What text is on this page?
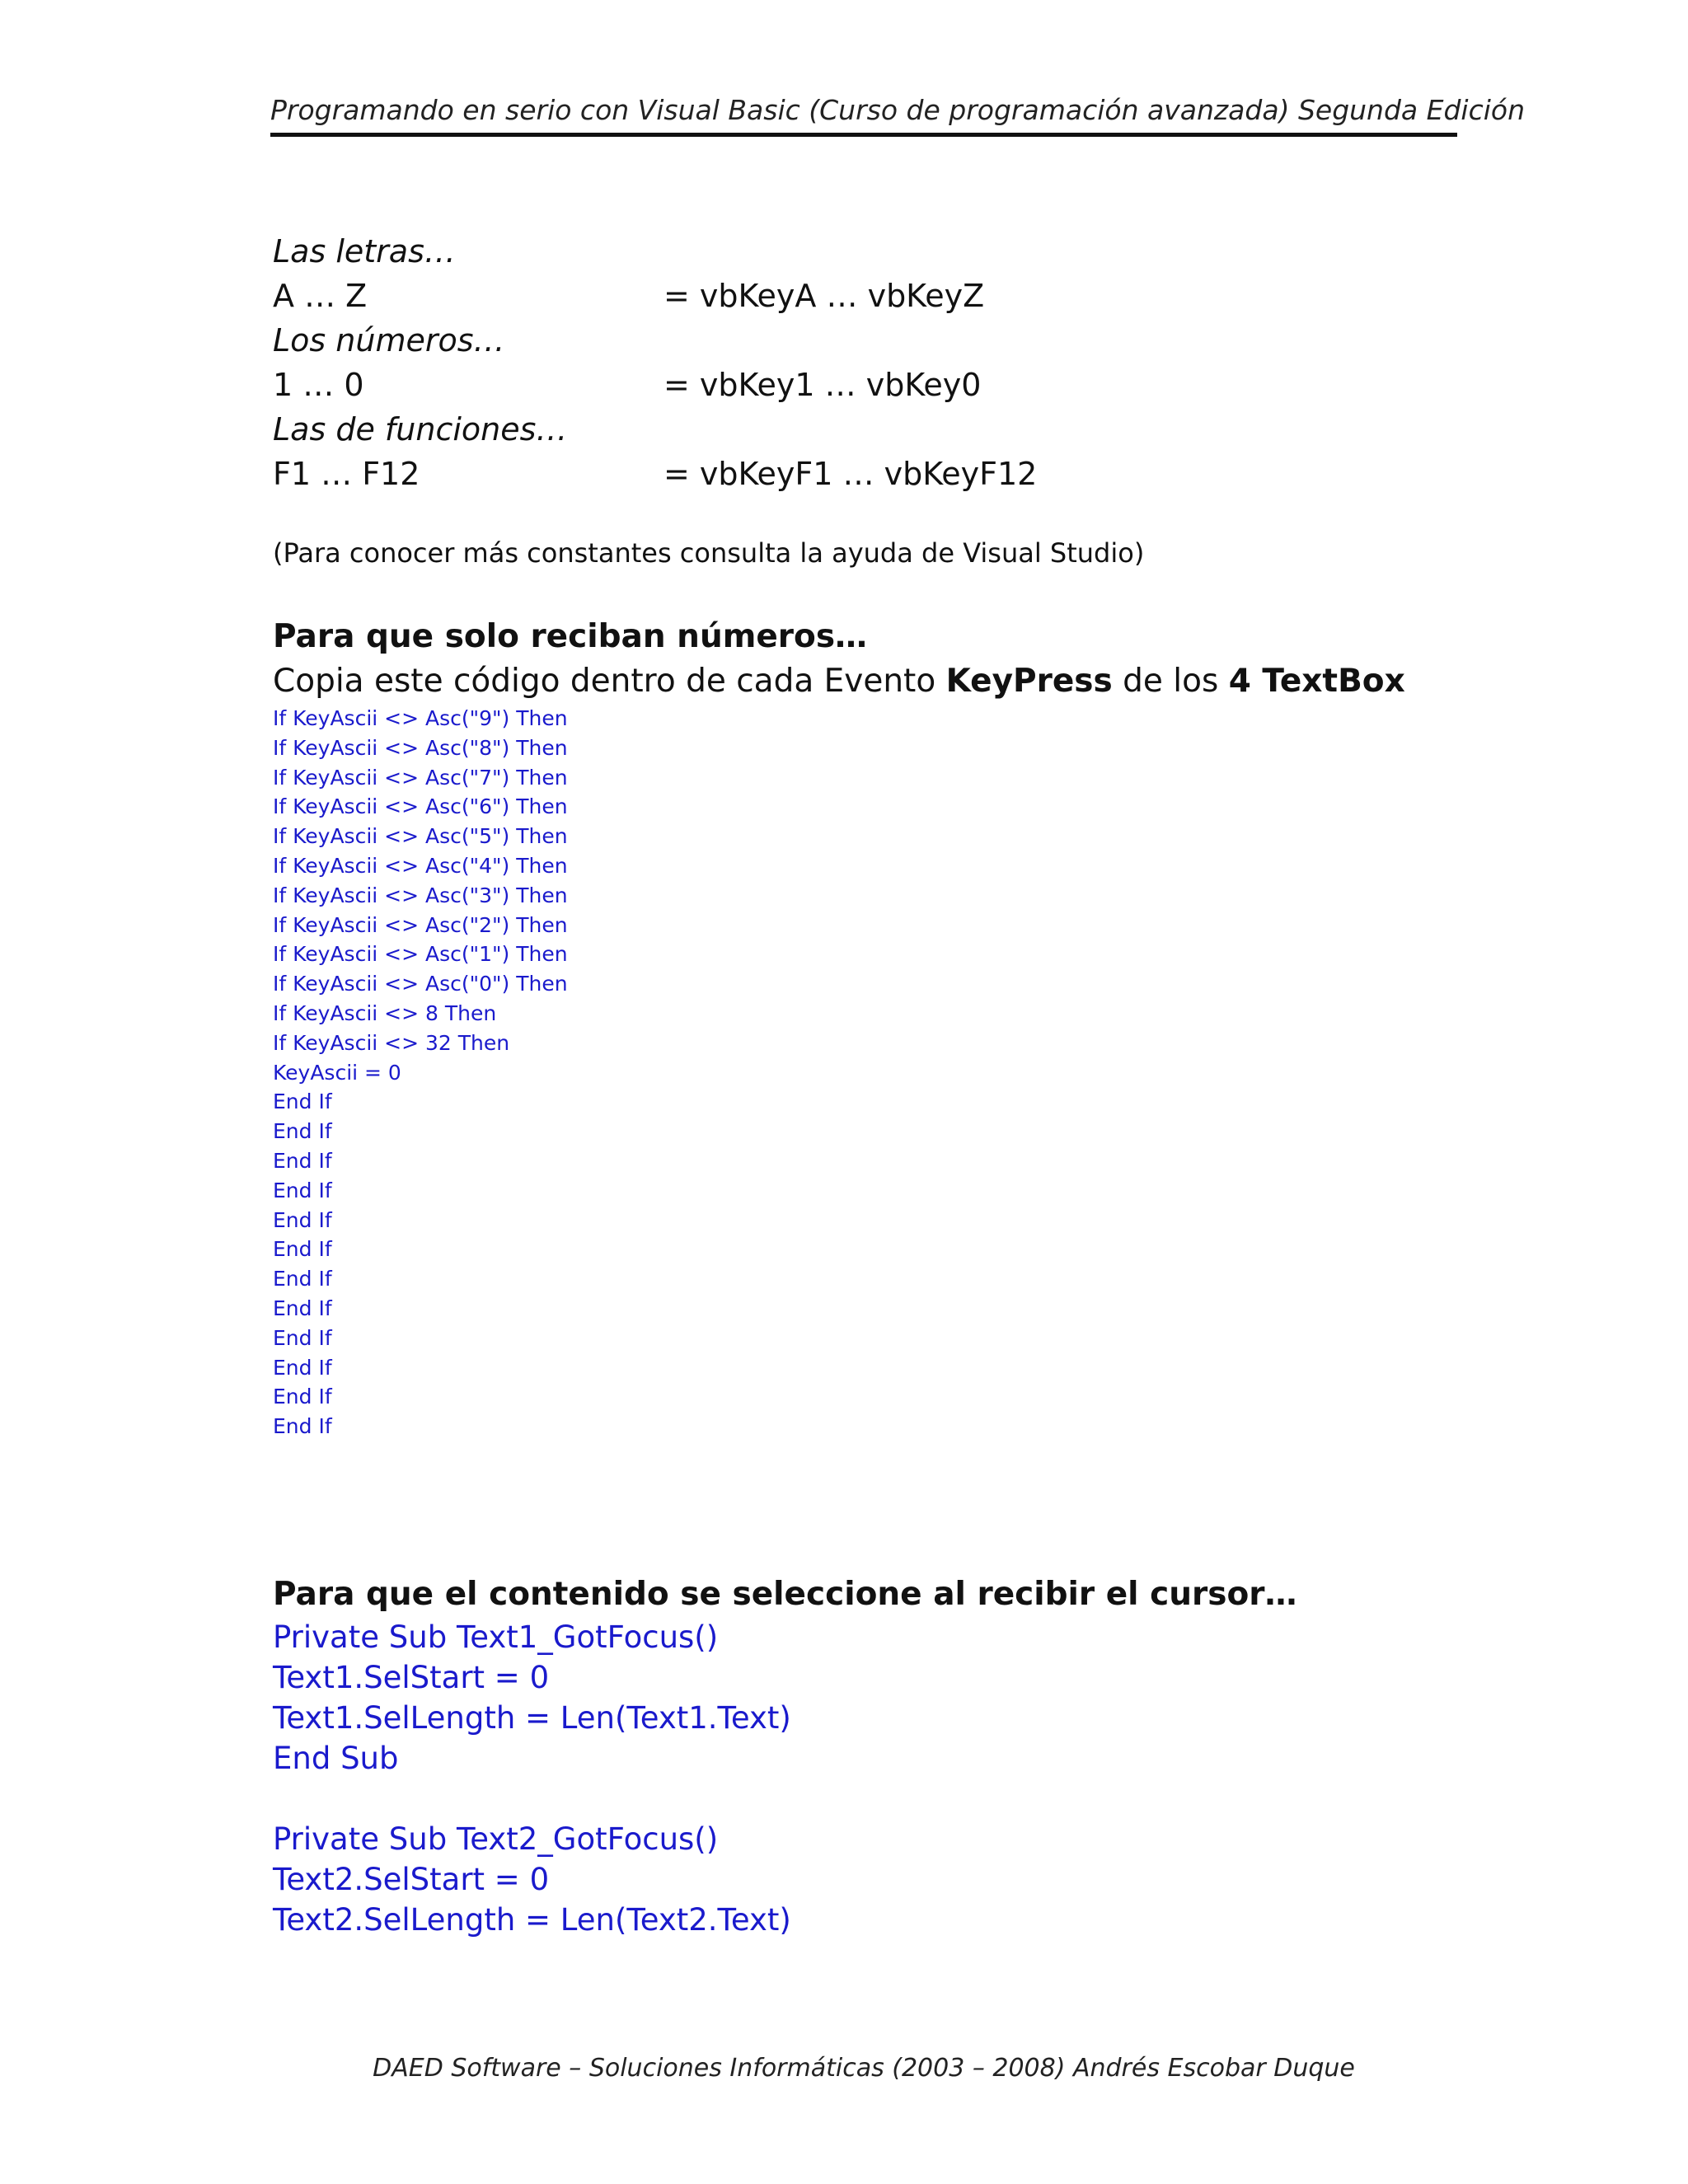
Programando en serio con Visual Basic (Curso de programación avanzada) Segunda Edición
Las letras…
A … Z	= vbKeyA … vbKeyZ
Los números…
1 … 0	= vbKey1 … vbKey0
Las de funciones…
F1 … F12	= vbKeyF1 … vbKeyF12
(Para conocer más constantes consulta la ayuda de Visual Studio)
Para que solo reciban números…
Copia este código dentro de cada Evento KeyPress de los 4 TextBox
If KeyAscii <> Asc("9") Then
If KeyAscii <> Asc("8") Then
If KeyAscii <> Asc("7") Then
If KeyAscii <> Asc("6") Then
If KeyAscii <> Asc("5") Then
If KeyAscii <> Asc("4") Then
If KeyAscii <> Asc("3") Then
If KeyAscii <> Asc("2") Then
If KeyAscii <> Asc("1") Then
If KeyAscii <> Asc("0") Then
If KeyAscii <> 8 Then
If KeyAscii <> 32 Then
KeyAscii = 0
End If
End If
End If
End If
End If
End If
End If
End If
End If
End If
End If
End If
Para que el contenido se seleccione al recibir el cursor…
Private Sub Text1_GotFocus()
Text1.SelStart = 0
Text1.SelLength = Len(Text1.Text)
End Sub
Private Sub Text2_GotFocus()
Text2.SelStart = 0
Text2.SelLength = Len(Text2.Text)
DAED Software – Soluciones Informáticas (2003 – 2008) Andrés Escobar Duque
